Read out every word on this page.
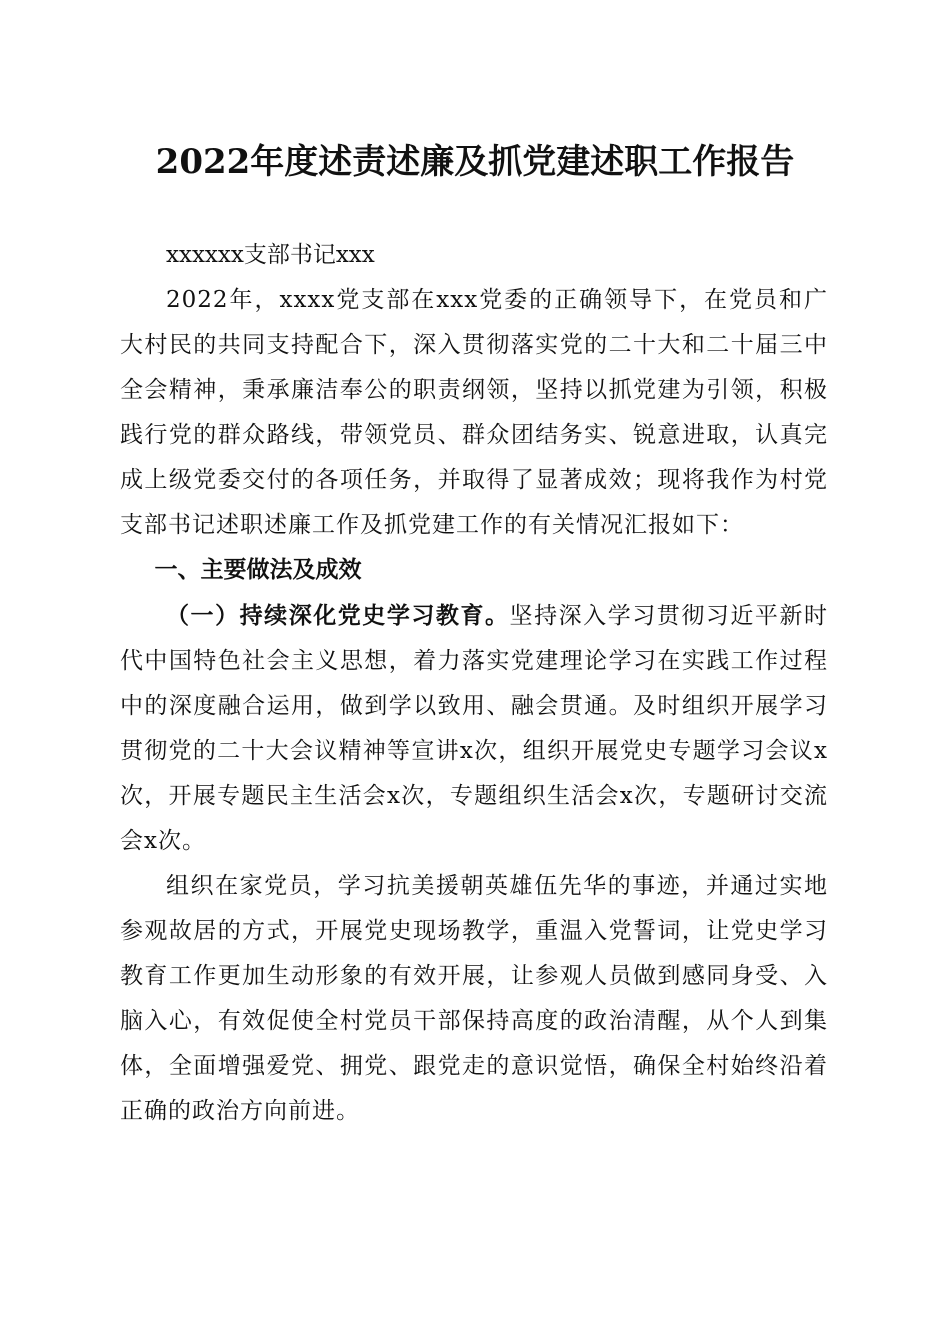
2022年度述责述廉及抓党建述职工作报告

xxxxxx支部书记xxx

2022年，xxxx党支部在xxx党委的正确领导下，在党员和广大村民的共同支持配合下，深入贯彻落实党的二十大和二十届三中全会精神，秉承廉洁奉公的职责纲领，坚持以抓党建为引领，积极践行党的群众路线，带领党员、群众团结务实、锐意进取，认真完成上级党委交付的各项任务，并取得了显著成效；现将我作为村党支部书记述职述廉工作及抓党建工作的有关情况汇报如下：

一、主要做法及成效

（一）持续深化党史学习教育。坚持深入学习贯彻习近平新时代中国特色社会主义思想，着力落实党建理论学习在实践工作过程中的深度融合运用，做到学以致用、融会贯通。及时组织开展学习贯彻党的二十大会议精神等宣讲x次，组织开展党史专题学习会议x次，开展专题民主生活会x次，专题组织生活会x次，专题研讨交流会x次。

组织在家党员，学习抗美援朝英雄伍先华的事迹，并通过实地参观故居的方式，开展党史现场教学，重温入党誓词，让党史学习教育工作更加生动形象的有效开展，让参观人员做到感同身受、入脑入心，有效促使全村党员干部保持高度的政治清醒，从个人到集体，全面增强爱党、拥党、跟党走的意识觉悟，确保全村始终沿着正确的政治方向前进。
